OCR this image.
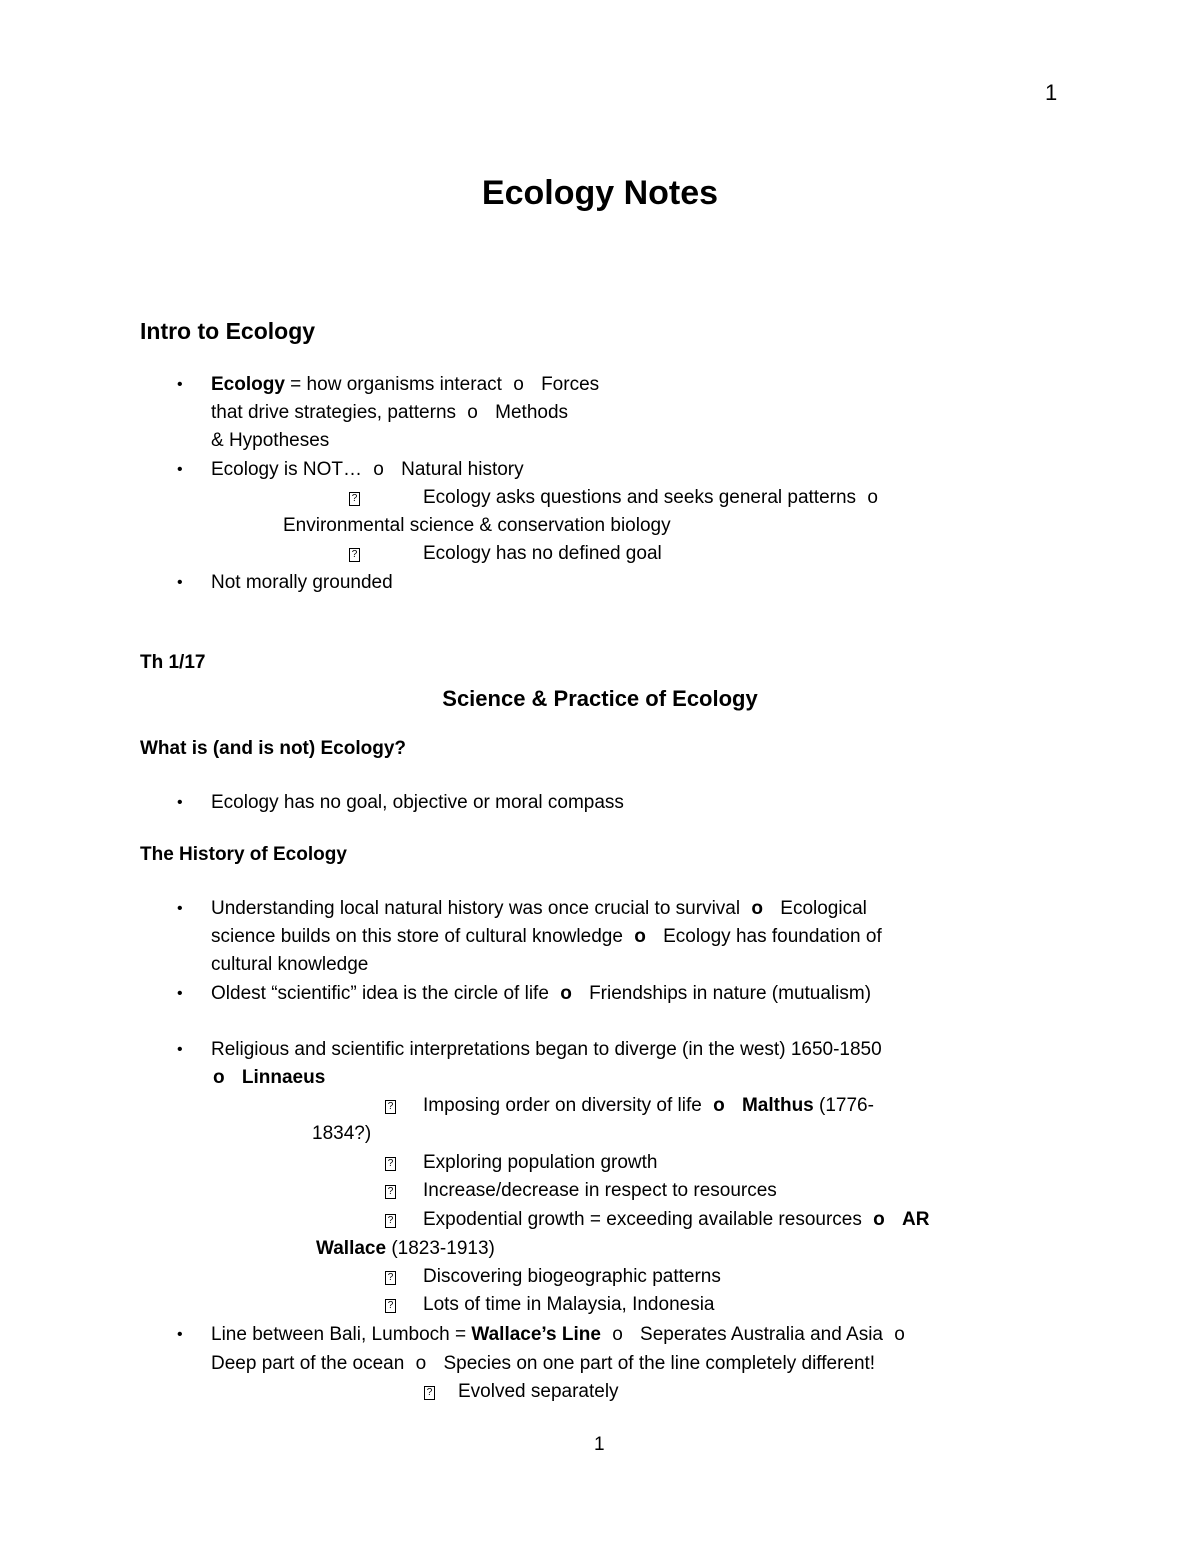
1
Ecology Notes
Intro to Ecology
• Ecology = how organisms interact o Forces
that drive strategies, patterns o Methods
& Hypotheses
• Ecology is NOT… o Natural history
?	Ecology asks questions and seeks general patterns o
Environmental science & conservation biology
?	Ecology has no defined goal
• Not morally grounded
Th 1/17
Science & Practice of Ecology
What is (and is not) Ecology?
• Ecology has no goal, objective or moral compass
The History of Ecology
• Understanding local natural history was once crucial to survival o Ecological
science builds on this store of cultural knowledge o Ecology has foundation of
cultural knowledge
• Oldest “scientific” idea is the circle of life o Friendships in nature (mutualism)
• Religious and scientific interpretations began to diverge (in the west) 1650-1850
o Linnaeus
? Imposing order on diversity of life o Malthus (1776-
1834?)
? Exploring population growth
? Increase/decrease in respect to resources
? Expodential growth = exceeding available resources o AR
Wallace (1823-1913)
? Discovering biogeographic patterns
? Lots of time in Malaysia, Indonesia
• Line between Bali, Lumboch = Wallace’s Line o Seperates Australia and Asia o
Deep part of the ocean o Species on one part of the line completely different!
? Evolved separately
1
